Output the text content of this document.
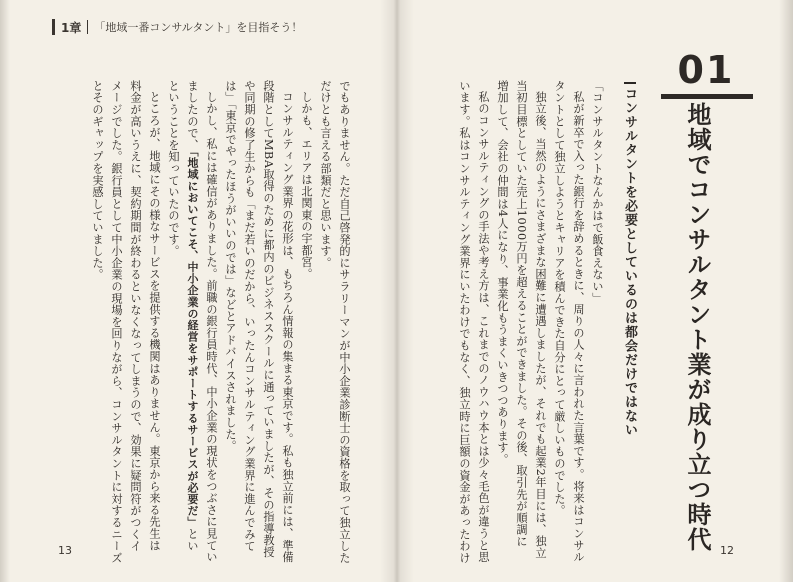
1章 「地域一番コンサルタント」を目指そう！
01
地域でコンサルタント業が成り立つ時代
コンサルタントを必要としているのは都会だけではない

「コンサルタントなんかはで飯食えない」

私が新卒で入った銀行を辞めるときに、周りの人々に言われた言葉です。将来はコンサル

タントとして独立しようとキャリアを積んできた自分にとって厳しいものでした。

独立後、当然のようにさまざまな困難に遭遇しましたが、それでも起業2年目には、独立

当初目標としていた売上1000万円を超えることができました。その後、取引先が順調に

増加して、会社の仲間は4人になり、事業化もうまくいきつつあります。

私のコンサルティングの手法や考え方は、これまでのノウハウ本とは少々毛色が違うと思

います。私はコンサルティング業界にいたわけでもなく、独立時に巨額の資金があったわけ

でもありません。ただ自己啓発的にサラリーマンが中小企業診断士の資格を取って独立した

だけとも言える部類だと思います。

しかも、エリアは北関東の宇都宮。

コンサルティング業界の花形は、もちろん情報の集まる東京です。私も独立前には、準備

段階としてMBA取得のために都内のビジネススクールに通っていましたが、その指導教授

や同期の修了生からも「まだ若いのだから、いったんコンサルティング業界に進んでみて

は」「東京でやったほうがいいのでは」などとアドバイスされました。

しかし、私には確信がありました。前職の銀行員時代、中小企業の現状をつぶさに見てい

ましたので、「地域においてこそ、中小企業の経営をサポートするサービスが必要だ」とい

ということを知っていたのです。

ところが、地域にその様なサービスを提供する機関はありません。東京から来る先生は

料金が高いうえに、契約期間が終わるといなくなってしまうので、効果に疑問符がつくイ

メージでした。銀行員として中小企業の現場を回りながら、コンサルタントに対するニーズ

とそのギャップを実感していました。

13	12
